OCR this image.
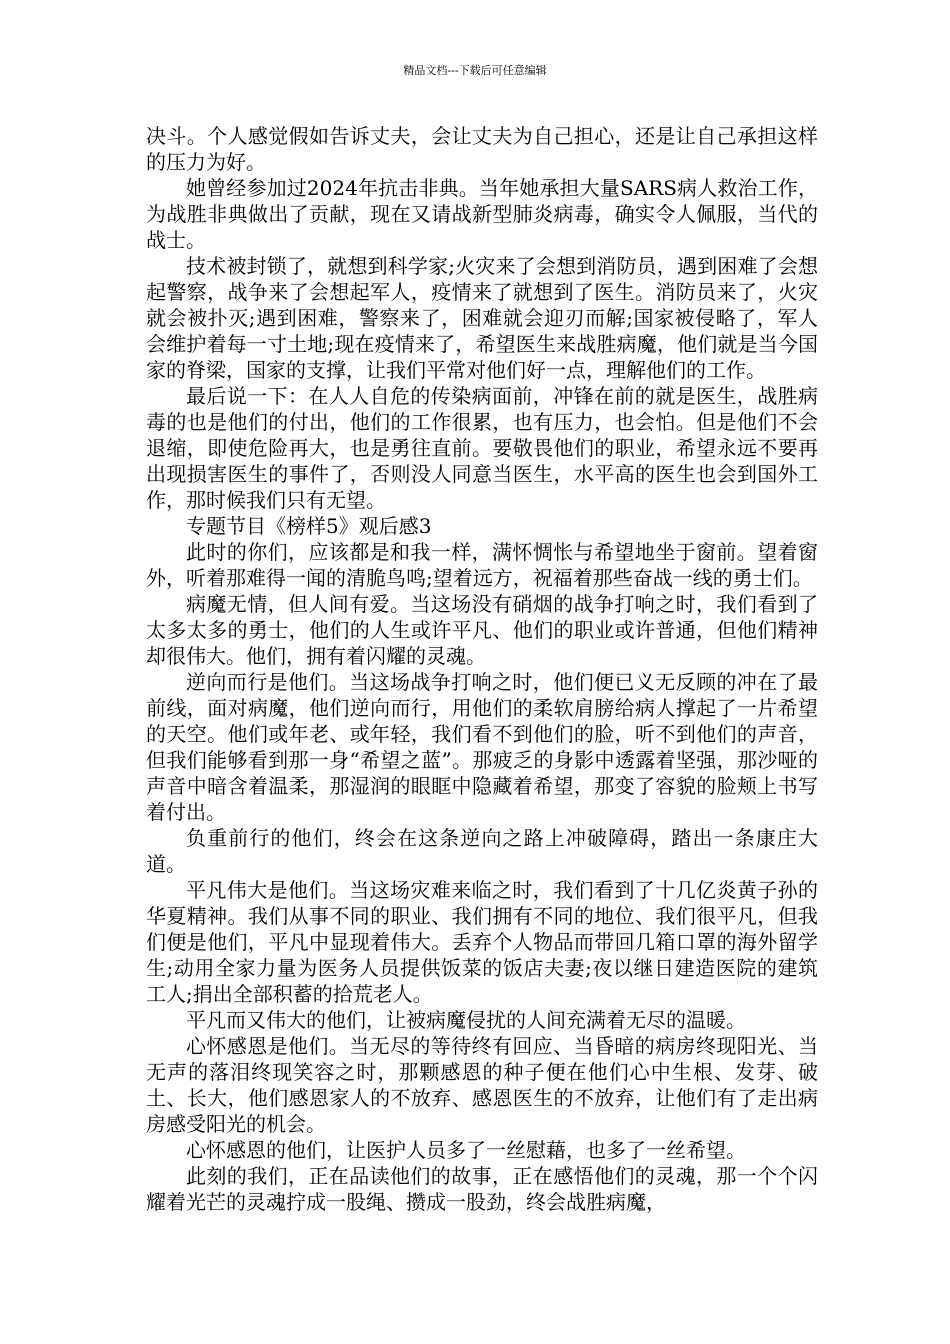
精品文档---下载后可任意编辑

决斗。个人感觉假如告诉丈夫，会让丈夫为自己担心，还是让自己承担这样的压力为好。

她曾经参加过2024年抗击非典。当年她承担大量SARS病人救治工作，为战胜非典做出了贡献，现在又请战新型肺炎病毒，确实令人佩服，当代的战士。

技术被封锁了，就想到科学家;火灾来了会想到消防员，遇到困难了会想起警察，战争来了会想起军人，疫情来了就想到了医生。消防员来了，火灾就会被扑灭;遇到困难，警察来了，困难就会迎刃而解;国家被侵略了，军人会维护着每一寸土地;现在疫情来了，希望医生来战胜病魔，他们就是当今国家的脊梁，国家的支撑，让我们平常对他们好一点，理解他们的工作。

最后说一下：在人人自危的传染病面前，冲锋在前的就是医生，战胜病毒的也是他们的付出，他们的工作很累，也有压力，也会怕。但是他们不会退缩，即使危险再大，也是勇往直前。要敬畏他们的职业，希望永远不要再出现损害医生的事件了，否则没人同意当医生，水平高的医生也会到国外工作，那时候我们只有无望。

专题节目《榜样5》观后感3

此时的你们，应该都是和我一样，满怀惆怅与希望地坐于窗前。望着窗外，听着那难得一闻的清脆鸟鸣;望着远方，祝福着那些奋战一线的勇士们。

病魔无情，但人间有爱。当这场没有硝烟的战争打响之时，我们看到了太多太多的勇士，他们的人生或许平凡、他们的职业或许普通，但他们精神却很伟大。他们，拥有着闪耀的灵魂。

逆向而行是他们。当这场战争打响之时，他们便已义无反顾的冲在了最前线，面对病魔，他们逆向而行，用他们的柔软肩膀给病人撑起了一片希望的天空。他们或年老、或年轻，我们看不到他们的脸，听不到他们的声音，但我们能够看到那一身“希望之蓝”。那疲乏的身影中透露着坚强，那沙哑的声音中暗含着温柔，那湿润的眼眶中隐藏着希望，那变了容貌的脸颊上书写着付出。

负重前行的他们，终会在这条逆向之路上冲破障碍，踏出一条康庄大道。

平凡伟大是他们。当这场灾难来临之时，我们看到了十几亿炎黄子孙的华夏精神。我们从事不同的职业、我们拥有不同的地位、我们很平凡，但我们便是他们，平凡中显现着伟大。丢弃个人物品而带回几箱口罩的海外留学生;动用全家力量为医务人员提供饭菜的饭店夫妻;夜以继日建造医院的建筑工人;捐出全部积蓄的拾荒老人。

平凡而又伟大的他们，让被病魔侵扰的人间充满着无尽的温暖。

心怀感恩是他们。当无尽的等待终有回应、当昏暗的病房终现阳光、当无声的落泪终现笑容之时，那颗感恩的种子便在他们心中生根、发芽、破土、长大，他们感恩家人的不放弃、感恩医生的不放弃，让他们有了走出病房感受阳光的机会。

心怀感恩的他们，让医护人员多了一丝慰藉，也多了一丝希望。

此刻的我们，正在品读他们的故事，正在感悟他们的灵魂，那一个个闪耀着光芒的灵魂拧成一股绳、攒成一股劲，终会战胜病魔，
